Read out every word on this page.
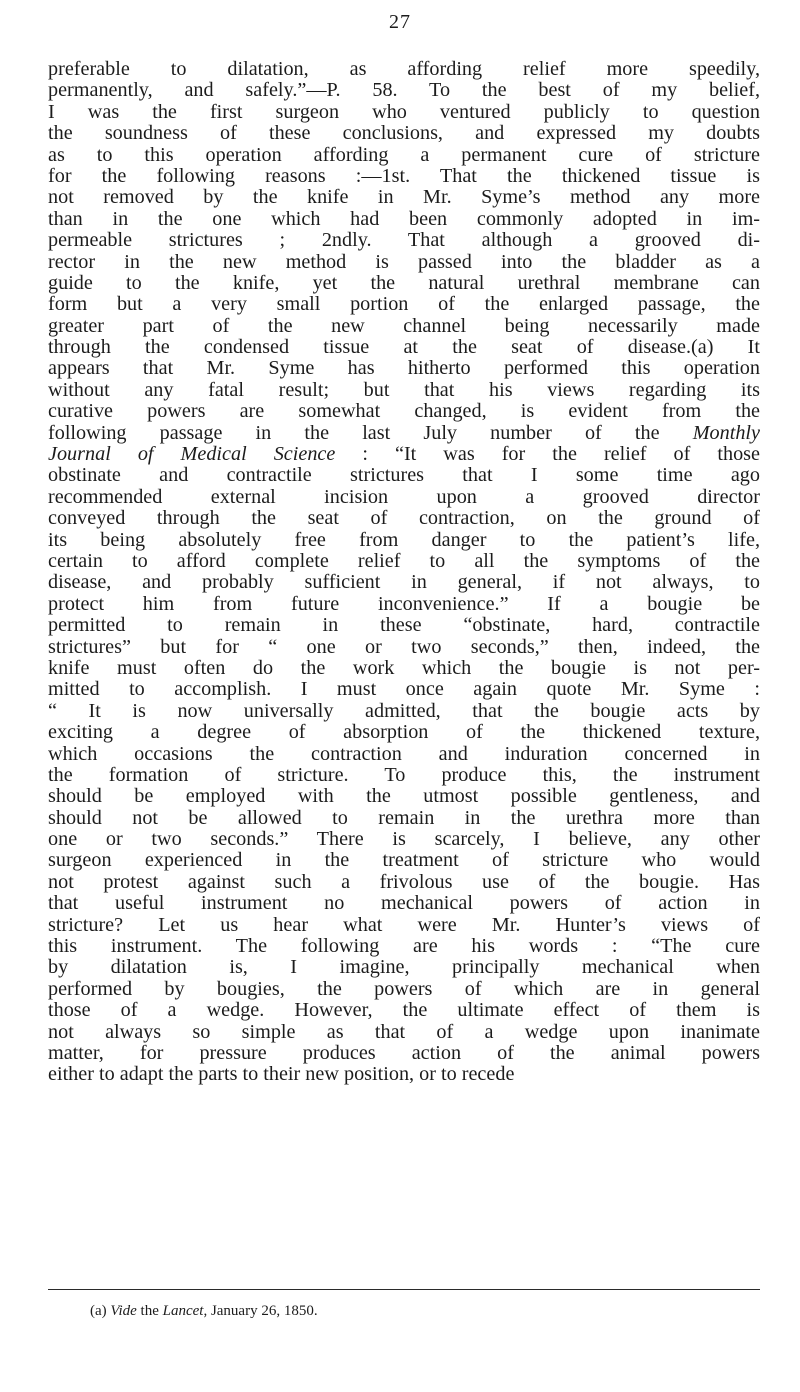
27
preferable to dilatation, as affording relief more speedily,
permanently, and safely.”—P. 58. To the best of my belief,
I was the first surgeon who ventured publicly to question
the soundness of these conclusions, and expressed my doubts
as to this operation affording a permanent cure of stricture
for the following reasons :—1st. That the thickened tissue is
not removed by the knife in Mr. Syme’s method any more
than in the one which had been commonly adopted in im-
permeable strictures ; 2ndly. That although a grooved di-
rector in the new method is passed into the bladder as a
guide to the knife, yet the natural urethral membrane can
form but a very small portion of the enlarged passage, the
greater part of the new channel being necessarily made
through the condensed tissue at the seat of disease.(a) It
appears that Mr. Syme has hitherto performed this operation
without any fatal result; but that his views regarding its
curative powers are somewhat changed, is evident from the
following passage in the last July number of the Monthly
Journal of Medical Science : “It was for the relief of those
obstinate and contractile strictures that I some time ago
recommended external incision upon a grooved director
conveyed through the seat of contraction, on the ground of
its being absolutely free from danger to the patient’s life,
certain to afford complete relief to all the symptoms of the
disease, and probably sufficient in general, if not always, to
protect him from future inconvenience.” If a bougie be
permitted to remain in these “obstinate, hard, contractile
strictures” but for “ one or two seconds,” then, indeed, the
knife must often do the work which the bougie is not per-
mitted to accomplish. I must once again quote Mr. Syme :
“ It is now universally admitted, that the bougie acts by
exciting a degree of absorption of the thickened texture,
which occasions the contraction and induration concerned in
the formation of stricture. To produce this, the instrument
should be employed with the utmost possible gentleness, and
should not be allowed to remain in the urethra more than
one or two seconds.” There is scarcely, I believe, any other
surgeon experienced in the treatment of stricture who would
not protest against such a frivolous use of the bougie. Has
that useful instrument no mechanical powers of action in
stricture? Let us hear what were Mr. Hunter’s views of
this instrument. The following are his words : “The cure
by dilatation is, I imagine, principally mechanical when
performed by bougies, the powers of which are in general
those of a wedge. However, the ultimate effect of them is
not always so simple as that of a wedge upon inanimate
matter, for pressure produces action of the animal powers
either to adapt the parts to their new position, or to recede
(a) Vide the Lancet, January 26, 1850.
